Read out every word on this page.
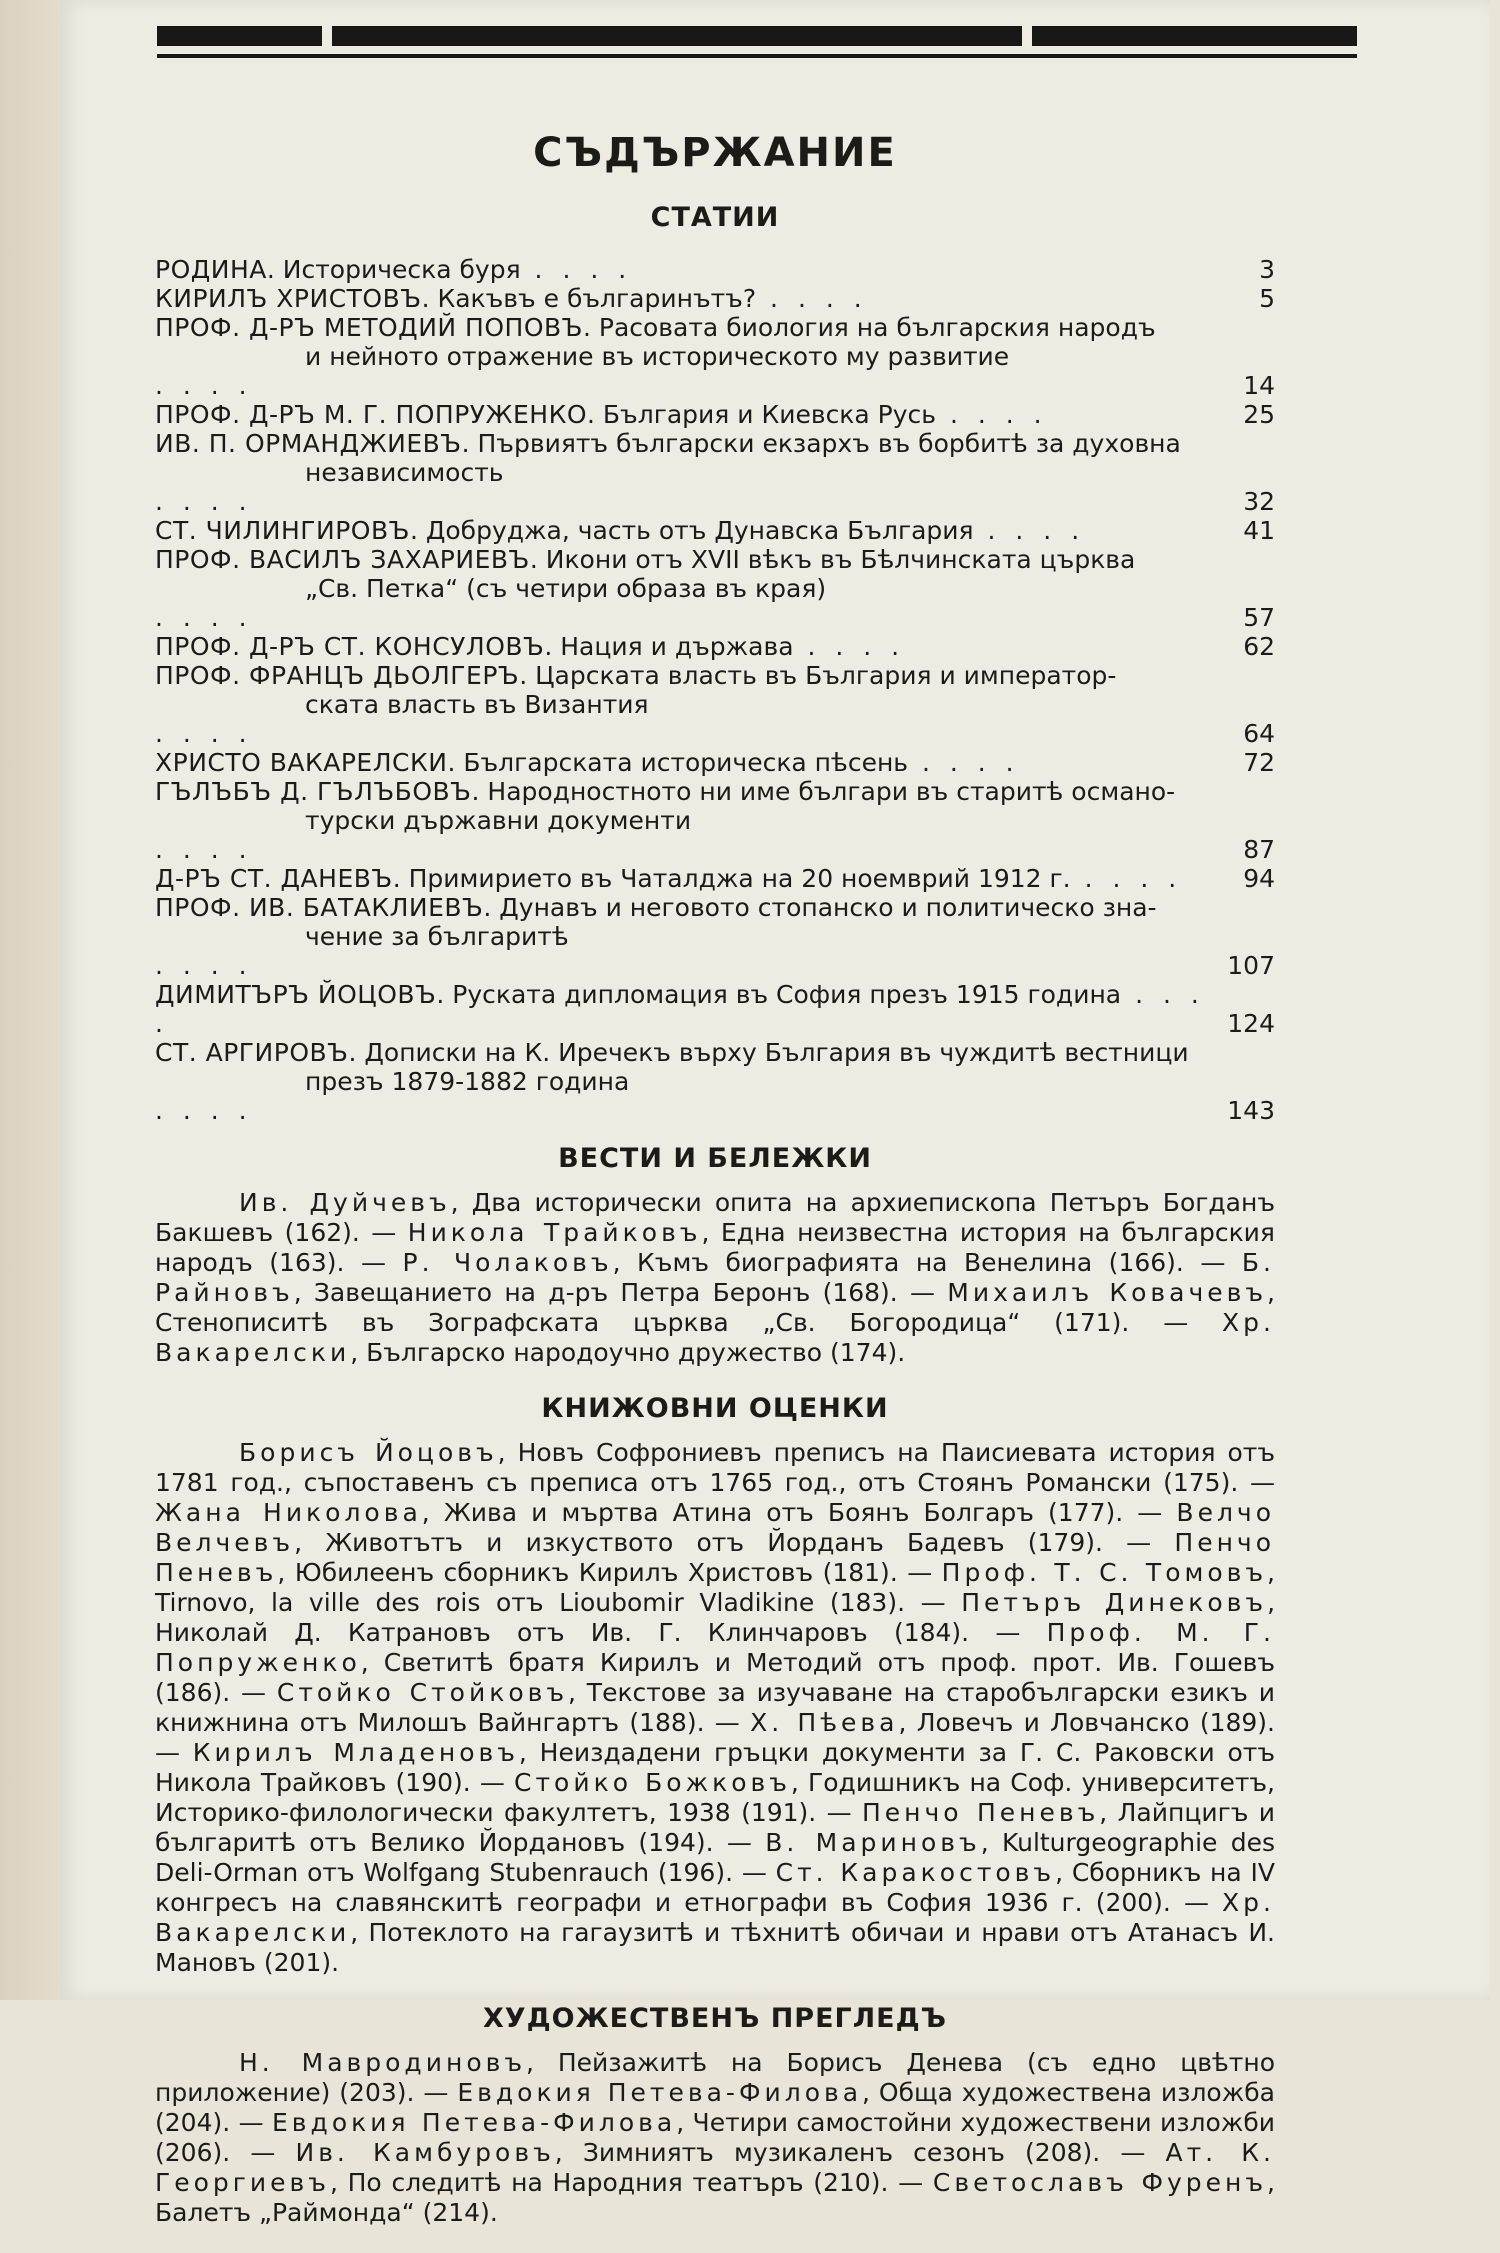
СЪДЪРЖАНИЕ
СТАТИИ
РОДИНА. Историческа буря . . . .	3
КИРИЛЪ ХРИСТОВЪ. Какъвъ е българинътъ? . . . .	5
ПРОФ. Д-РЪ МЕТОДИЙ ПОПОВЪ. Расовата биология на българския народъ
и нейното отражение въ историческото му развитие
. . . .	14
ПРОФ. Д-РЪ М. Г. ПОПРУЖЕНКО. България и Киевска Русь . . . .	25
ИВ. П. ОРМАНДЖИЕВЪ. Първиятъ български екзархъ въ борбитѣ за духовна
независимость
. . . .	32
СТ. ЧИЛИНГИРОВЪ. Добруджа, часть отъ Дунавска България . . . .	41
ПРОФ. ВАСИЛЪ ЗАХАРИЕВЪ. Икони отъ XVII вѣкъ въ Бѣлчинската църква
„Св. Петка“ (съ четири образа въ края)
. . . .	57
ПРОФ. Д-РЪ СТ. КОНСУЛОВЪ. Нация и държава . . . .	62
ПРОФ. ФРАНЦЪ ДЬОЛГЕРЪ. Царската власть въ България и император-
ската власть въ Византия
. . . .	64
ХРИСТО ВАКАРЕЛСКИ. Българската историческа пѣсень . . . .	72
ГЪЛЪБЪ Д. ГЪЛЪБОВЪ. Народностното ни име българи въ старитѣ османо-
турски държавни документи
. . . .	87
Д-РЪ СТ. ДАНЕВЪ. Примирието въ Чаталджа на 20 ноемврий 1912 г. . . . .	94
ПРОФ. ИВ. БАТАКЛИЕВЪ. Дунавъ и неговото стопанско и политическо зна-
чение за българитѣ
. . . .	107
ДИМИТЪРЪ ЙОЦОВЪ. Руската дипломация въ София презъ 1915 година . . . .	124
СТ. АРГИРОВЪ. Дописки на К. Иречекъ върху България въ чуждитѣ вестници
презъ 1879-1882 година
. . . .	143
ВЕСТИ И БЕЛЕЖКИ

Ив. Дуйчевъ, Два исторически опита на архиепископа Петъръ Богданъ Бакшевъ (162). — Никола Трайковъ, Една неизвестна история на българския народъ (163). — Р. Чолаковъ, Къмъ биографията на Венелина (166). — Б. Райновъ, Завещанието на д-ръ Петра Беронъ (168). — Михаилъ Ковачевъ, Стенописитѣ въ Зографската църква „Св. Богородица“ (171). — Хр. Вакарелски, Българско народоучно дружество (174).

КНИЖОВНИ ОЦЕНКИ

Борисъ Йоцовъ, Новъ Софрониевъ преписъ на Паисиевата история отъ 1781 год., съпоставенъ съ преписа отъ 1765 год., отъ Стоянъ Романски (175). — Жана Николова, Жива и мъртва Атина отъ Боянъ Болгаръ (177). — Велчо Велчевъ, Животътъ и изкуството отъ Йорданъ Бадевъ (179). — Пенчо Пеневъ, Юбилеенъ сборникъ Кирилъ Христовъ (181). — Проф. Т. С. Томовъ, Tirnovo, la ville des rois отъ Lioubomir Vladikine (183). — Петъръ Динековъ, Николай Д. Катрановъ отъ Ив. Г. Клинчаровъ (184). — Проф. М. Г. Попруженко, Светитѣ братя Кирилъ и Методий отъ проф. прот. Ив. Гошевъ (186). — Стойко Стойковъ, Текстове за изучаване на старобългарски езикъ и книжнина отъ Милошъ Вайнгартъ (188). — Х. Пѣева, Ловечъ и Ловчанско (189). — Кирилъ Младеновъ, Неиздадени гръцки документи за Г. С. Раковски отъ Никола Трайковъ (190). — Стойко Божковъ, Годишникъ на Соф. университетъ, Историко-филологически факултетъ, 1938 (191). — Пенчо Пеневъ, Лайпцигъ и българитѣ отъ Велико Йордановъ (194). — В. Мариновъ, Kulturgeographie des Deli-Orman отъ Wolfgang Stubenrauch (196). — Ст. Каракостовъ, Сборникъ на IV конгресъ на славянскитѣ географи и етнографи въ София 1936 г. (200). — Хр. Вакарелски, Потеклото на гагаузитѣ и тѣхнитѣ обичаи и нрави отъ Атанасъ И. Мановъ (201).

ХУДОЖЕСТВЕНЪ ПРЕГЛЕДЪ

Н. Мавродиновъ, Пейзажитѣ на Борисъ Денева (съ едно цвѣтно приложение) (203). — Евдокия Петева-Филова, Обща художествена изложба (204). — Евдокия Петева-Филова, Четири самостойни художествени изложби (206). — Ив. Камбуровъ, Зимниятъ музикаленъ сезонъ (208). — Ат. К. Георгиевъ, По следитѣ на Народния театъръ (210). — Светославъ Фуренъ, Балетъ „Раймонда“ (214).
